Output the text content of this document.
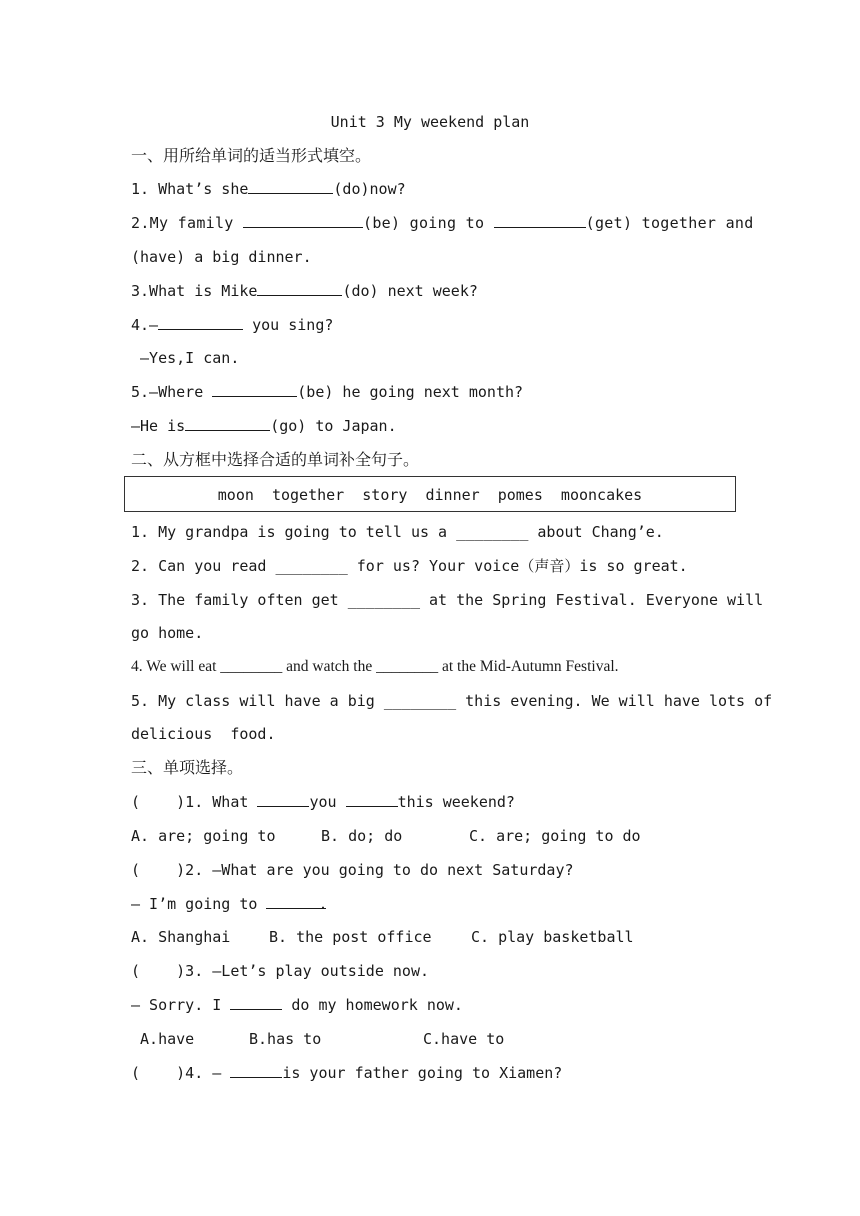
Unit 3 My weekend plan
一、用所给单词的适当形式填空。
1. What’s she	(do)now?
2.My family	(be) going to	(get) together and
(have) a big dinner.
3.What is Mike	(do) next week?
4.—	you sing?
—Yes,I can.
5.—Where	(be) he going next month?
—He is	(go) to Japan.
二、从方框中选择合适的单词补全句子。
moon  together  story  dinner  pomes  mooncakes
1. My grandpa is going to tell us a ________ about Chang’e.
2. Can you read ________ for us? Your voice（声音）is so great.
3. The family often get ________ at the Spring Festival. Everyone will
go home.
4. We will eat ________ and watch the ________ at the Mid-Autumn Festival.
5. My class will have a big ________ this evening. We will have lots of
delicious  food.
三、单项选择。
(    )1. What	you	this weekend?
A. are; going to	B. do; do	C. are; going to do
(    )2. —What are you going to do next Saturday?
— I’m going to	.
A. Shanghai	B. the post office	C. play basketball
(    )3. —Let’s play outside now.
— Sorry. I	do my homework now.
A.have	B.has to	C.have to
(    )4. —	is your father going to Xiamen?
